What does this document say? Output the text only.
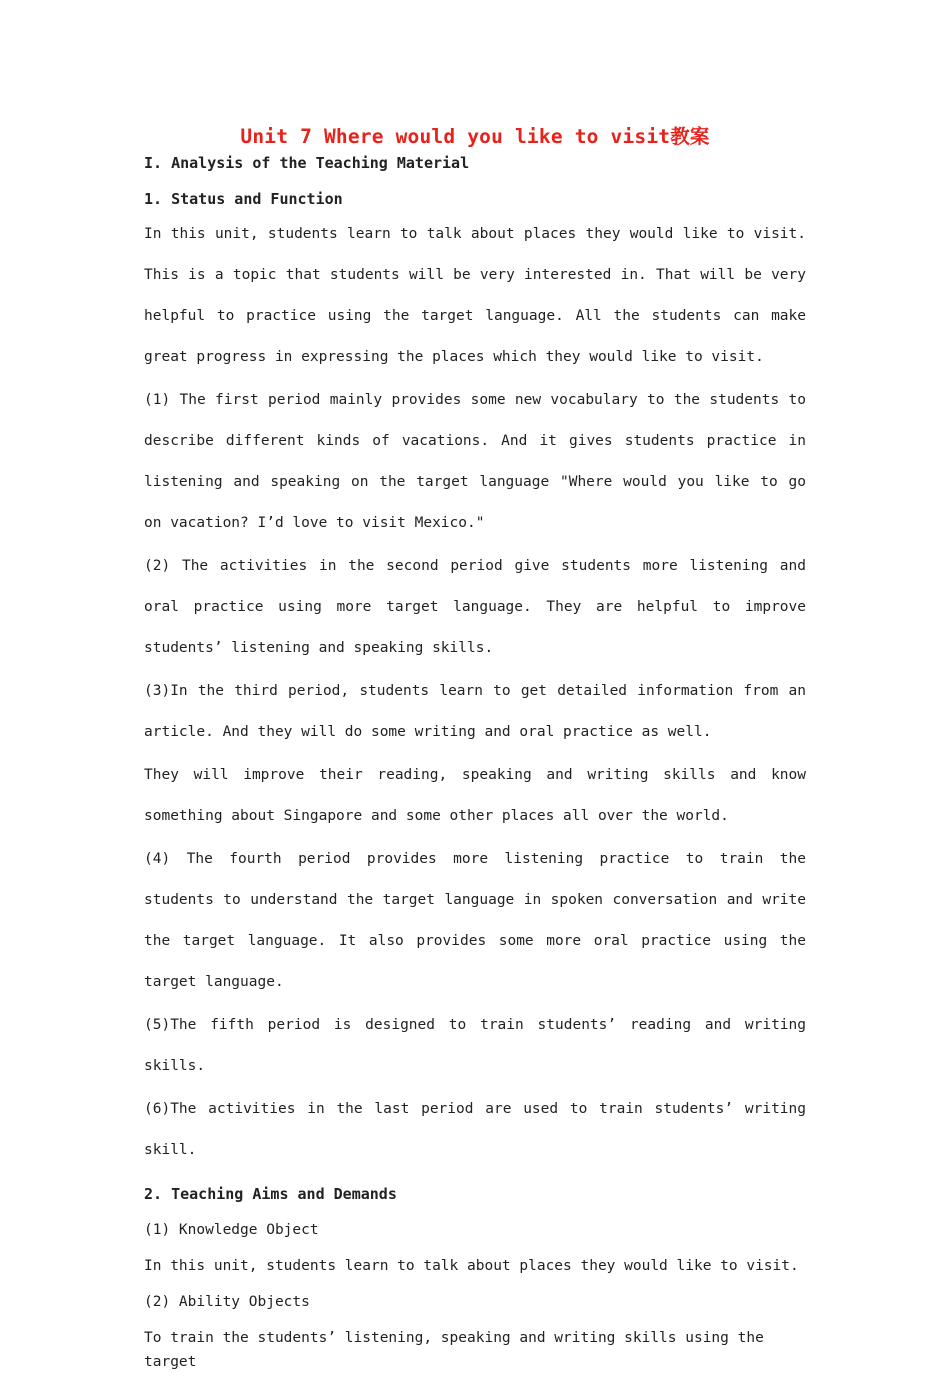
Unit 7 Where would you like to visit教案
I. Analysis of the Teaching Material
1. Status and Function

In this unit, students learn to talk about places they would like to visit. This is a topic that students will be very interested in. That will be very helpful to practice using the target language. All the students can make great progress in expressing the places which they would like to visit.

(1) The first period mainly provides some new vocabulary to the students to describe different kinds of vacations. And it gives students practice in listening and speaking on the target language "Where would you like to go on vacation? I’d love to visit Mexico."

(2) The activities in the second period give students more listening and oral practice using more target language. They are helpful to improve students’ listening and speaking skills.

(3)In the third period, students learn to get detailed information from an article. And they will do some writing and oral practice as well.

They will improve their reading, speaking and writing skills and know something about Singapore and some other places all over the world.

(4) The fourth period provides more listening practice to train the students to understand the target language in spoken conversation and write the target language. It also provides some more oral practice using the target language.

(5)The fifth period is designed to train students’ reading and writing skills.

(6)The activities in the last period are used to train students’ writing skill.

2. Teaching Aims and Demands
(1) Knowledge Object
In this unit, students learn to talk about places they would like to visit.
(2) Ability Objects
To train the students’ listening, speaking and writing skills using the target
